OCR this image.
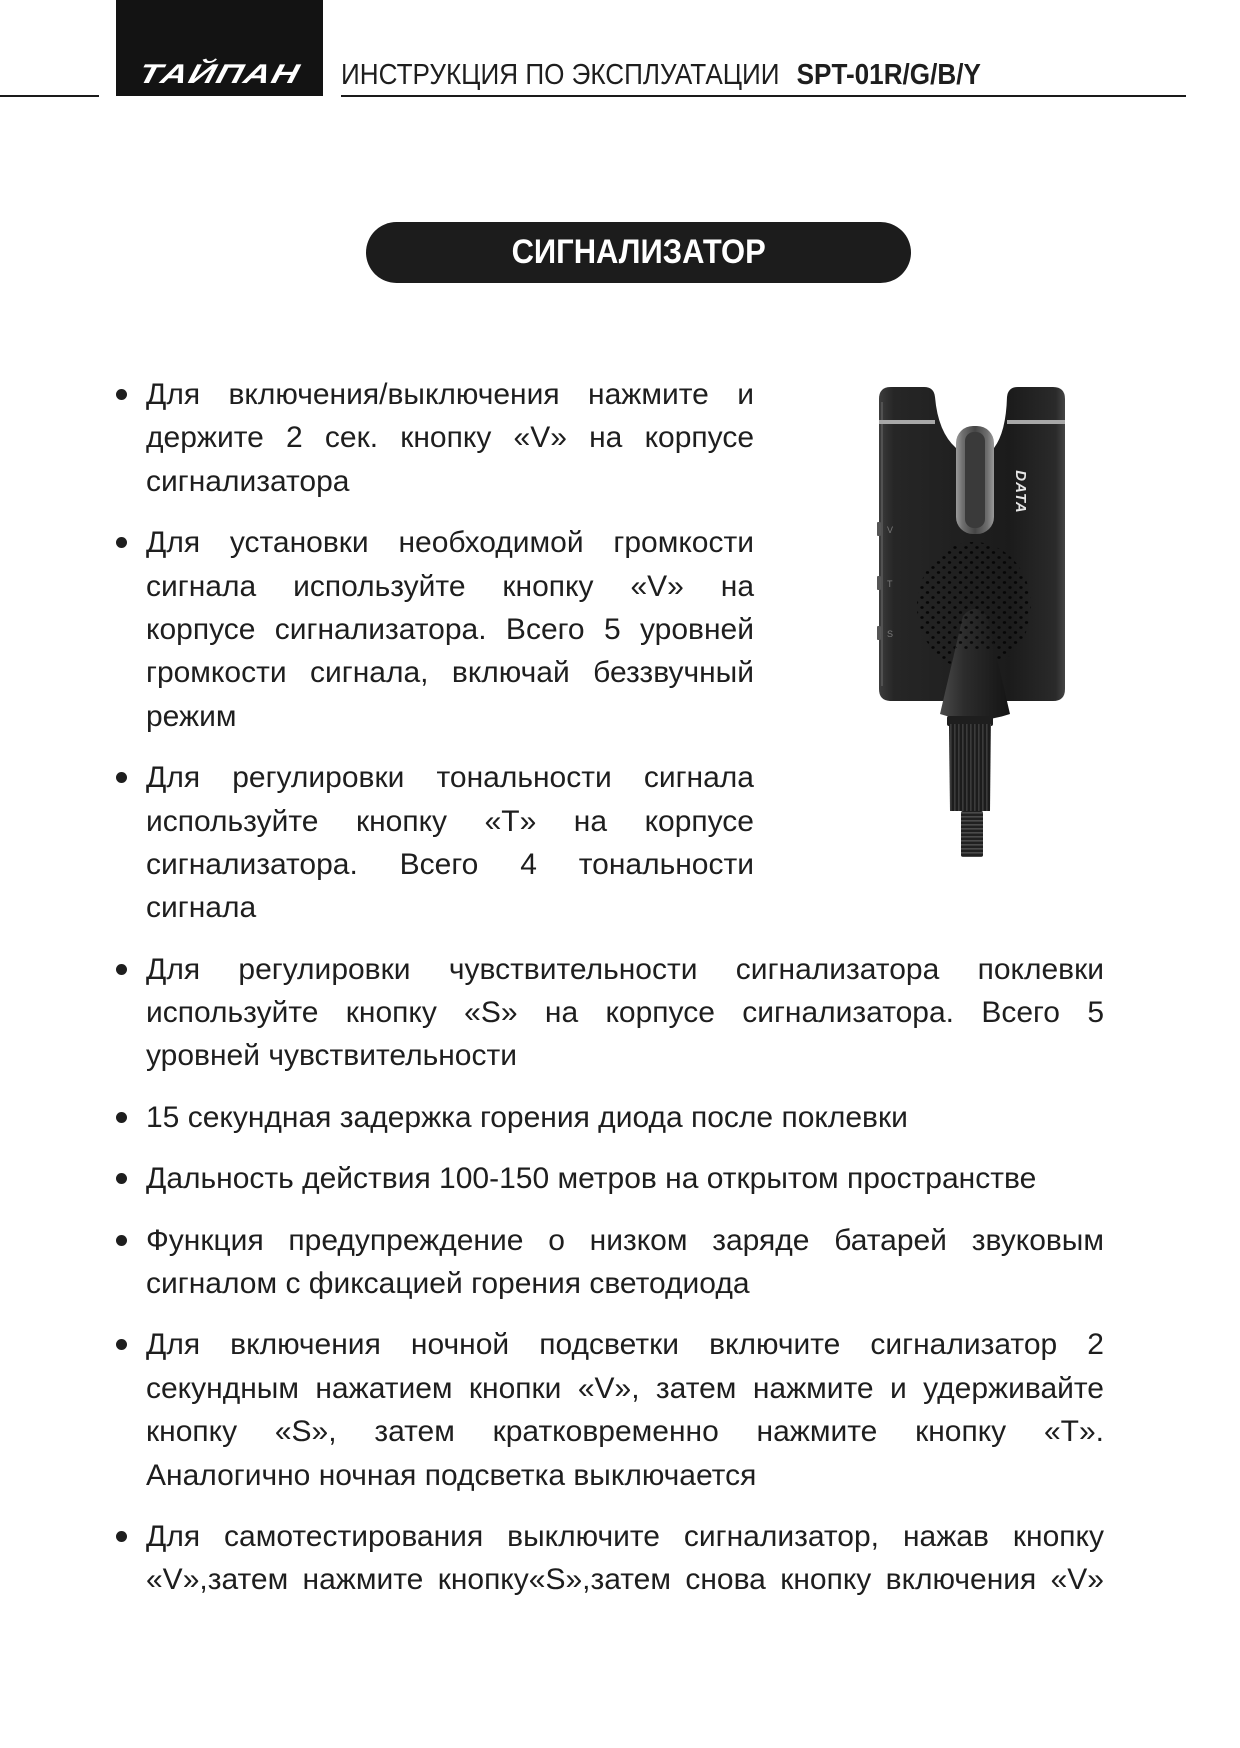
ТАЙПАН	ИНСТРУКЦИЯ ПО ЭКСПЛУАТАЦИИ SPT-01R/G/B/Y
СИГНАЛИЗАТОР
DATA
V
T
S
Для включения/выключения нажмите и
держите 2 сек. кнопку «V» на корпусе
сигнализатора
Для установки необходимой громкости
сигнала используйте кнопку «V» на
корпусе сигнализатора. Всего 5 уровней
громкости сигнала, включай беззвучный
режим
Для регулировки тональности сигнала
используйте кнопку «T» на корпусе
сигнализатора. Всего 4 тональности
сигнала
Для регулировки чувствительности сигнализатора поклевки
используйте кнопку «S» на корпусе сигнализатора. Всего 5
уровней чувствительности
15 секундная задержка горения диода после поклевки
Дальность действия 100-150 метров на открытом пространстве
Функция предупреждение о низком заряде батарей звуковым
сигналом с фиксацией горения светодиода
Для включения ночной подсветки включите сигнализатор 2
секундным нажатием кнопки «V», затем нажмите и удерживайте
кнопку «S», затем кратковременно нажмите кнопку «T».
Аналогично ночная подсветка выключается
Для самотестирования выключите сигнализатор, нажав кнопку
«V»,затем нажмите кнопку«S»,затем снова кнопку включения «V»
